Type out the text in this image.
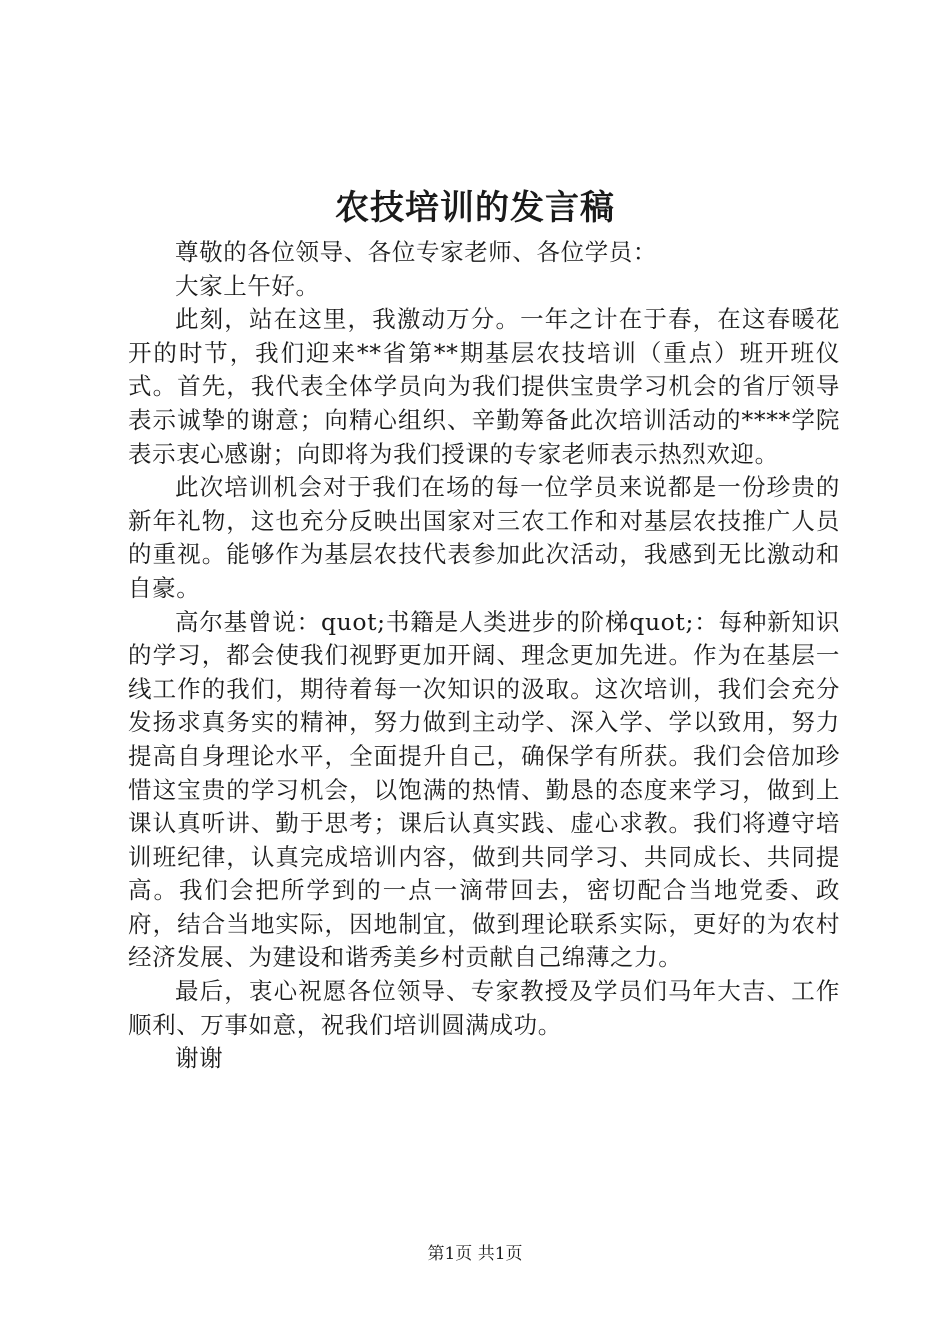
农技培训的发言稿

尊敬的各位领导、各位专家老师、各位学员：

大家上午好。

此刻，站在这里，我激动万分。一年之计在于春，在这春暖花开的时节，我们迎来**省第**期基层农技培训（重点）班开班仪式。首先，我代表全体学员向为我们提供宝贵学习机会的省厅领导表示诚挚的谢意；向精心组织、辛勤筹备此次培训活动的****学院表示衷心感谢；向即将为我们授课的专家老师表示热烈欢迎。

此次培训机会对于我们在场的每一位学员来说都是一份珍贵的新年礼物，这也充分反映出国家对三农工作和对基层农技推广人员的重视。能够作为基层农技代表参加此次活动，我感到无比激动和自豪。

高尔基曾说：quot;书籍是人类进步的阶梯quot;：每种新知识的学习，都会使我们视野更加开阔、理念更加先进。作为在基层一线工作的我们，期待着每一次知识的汲取。这次培训，我们会充分发扬求真务实的精神，努力做到主动学、深入学、学以致用，努力提高自身理论水平，全面提升自己，确保学有所获。我们会倍加珍惜这宝贵的学习机会，以饱满的热情、勤恳的态度来学习，做到上课认真听讲、勤于思考；课后认真实践、虚心求教。我们将遵守培训班纪律，认真完成培训内容，做到共同学习、共同成长、共同提高。我们会把所学到的一点一滴带回去，密切配合当地党委、政府，结合当地实际，因地制宜，做到理论联系实际，更好的为农村经济发展、为建设和谐秀美乡村贡献自己绵薄之力。

最后，衷心祝愿各位领导、专家教授及学员们马年大吉、工作顺利、万事如意，祝我们培训圆满成功。

谢谢

第1页 共1页
